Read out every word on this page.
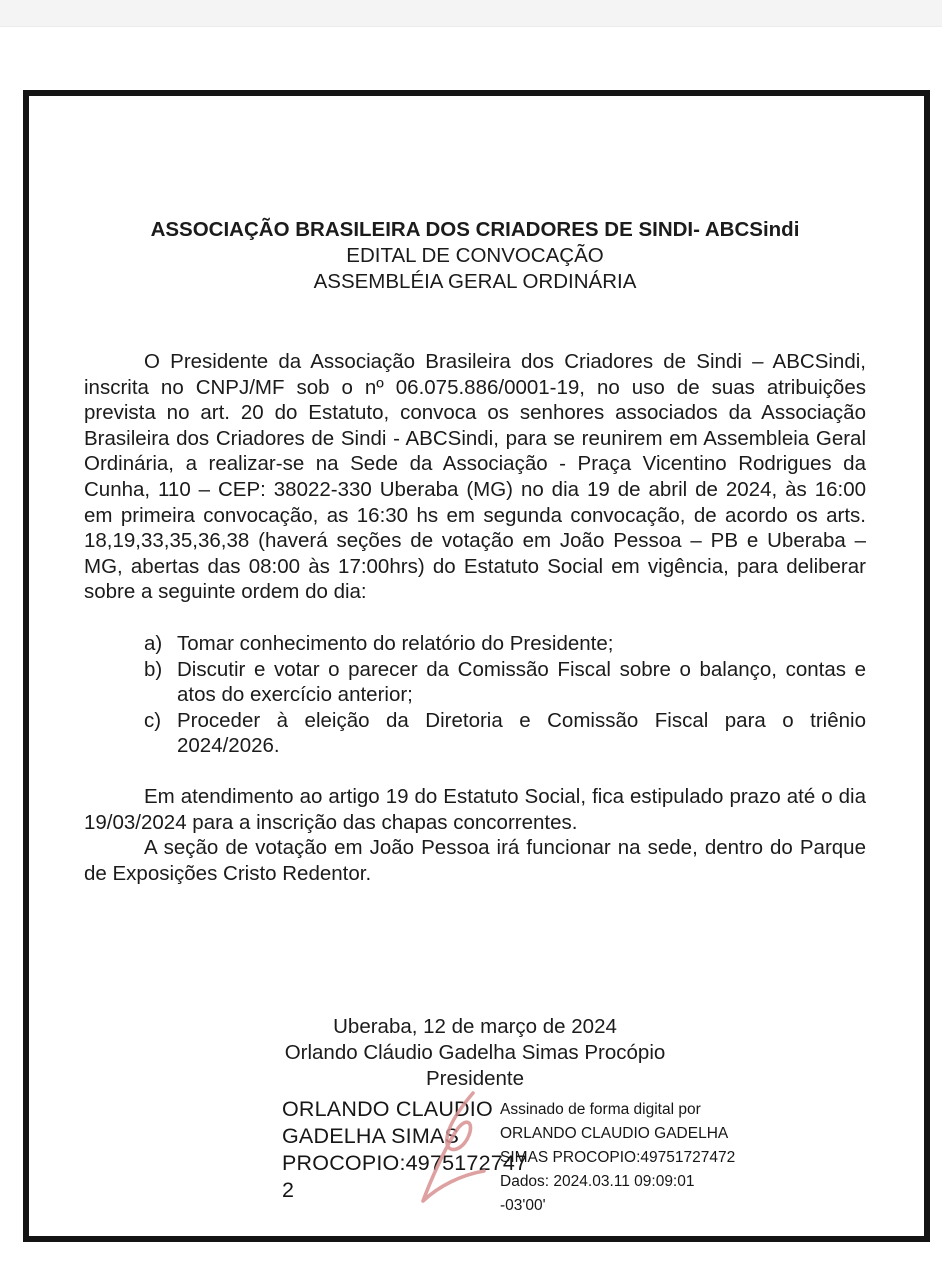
ASSOCIAÇÃO BRASILEIRA DOS CRIADORES DE SINDI- ABCSindi
EDITAL DE CONVOCAÇÃO
ASSEMBLÉIA GERAL ORDINÁRIA

O Presidente da Associação Brasileira dos Criadores de Sindi – ABCSindi, inscrita no CNPJ/MF sob o nº 06.075.886/0001-19, no uso de suas atribuições prevista no art. 20 do Estatuto, convoca os senhores associados da Associação Brasileira dos Criadores de Sindi - ABCSindi, para se reunirem em Assembleia Geral Ordinária, a realizar-se na Sede da Associação - Praça Vicentino Rodrigues da Cunha, 110 – CEP: 38022-330 Uberaba (MG) no dia 19 de abril de 2024, às 16:00 em primeira convocação, as 16:30 hs em segunda convocação, de acordo os arts. 18,19,33,35,36,38 (haverá seções de votação em João Pessoa – PB e Uberaba – MG, abertas das 08:00 às 17:00hrs) do Estatuto Social em vigência, para deliberar sobre a seguinte ordem do dia:

a) Tomar conhecimento do relatório do Presidente;
b) Discutir e votar o parecer da Comissão Fiscal sobre o balanço, contas e atos do exercício anterior;
c) Proceder à eleição da Diretoria e Comissão Fiscal para o triênio 2024/2026.

Em atendimento ao artigo 19 do Estatuto Social, fica estipulado prazo até o dia 19/03/2024 para a inscrição das chapas concorrentes.

A seção de votação em João Pessoa irá funcionar na sede, dentro do Parque de Exposições Cristo Redentor.

Uberaba, 12 de março de 2024
Orlando Cláudio Gadelha Simas Procópio
Presidente
ORLANDO CLAUDIO
GADELHA SIMAS
PROCOPIO:4975172747
2
Assinado de forma digital por
ORLANDO CLAUDIO GADELHA
SIMAS PROCOPIO:49751727472
Dados: 2024.03.11 09:09:01
-03'00'
